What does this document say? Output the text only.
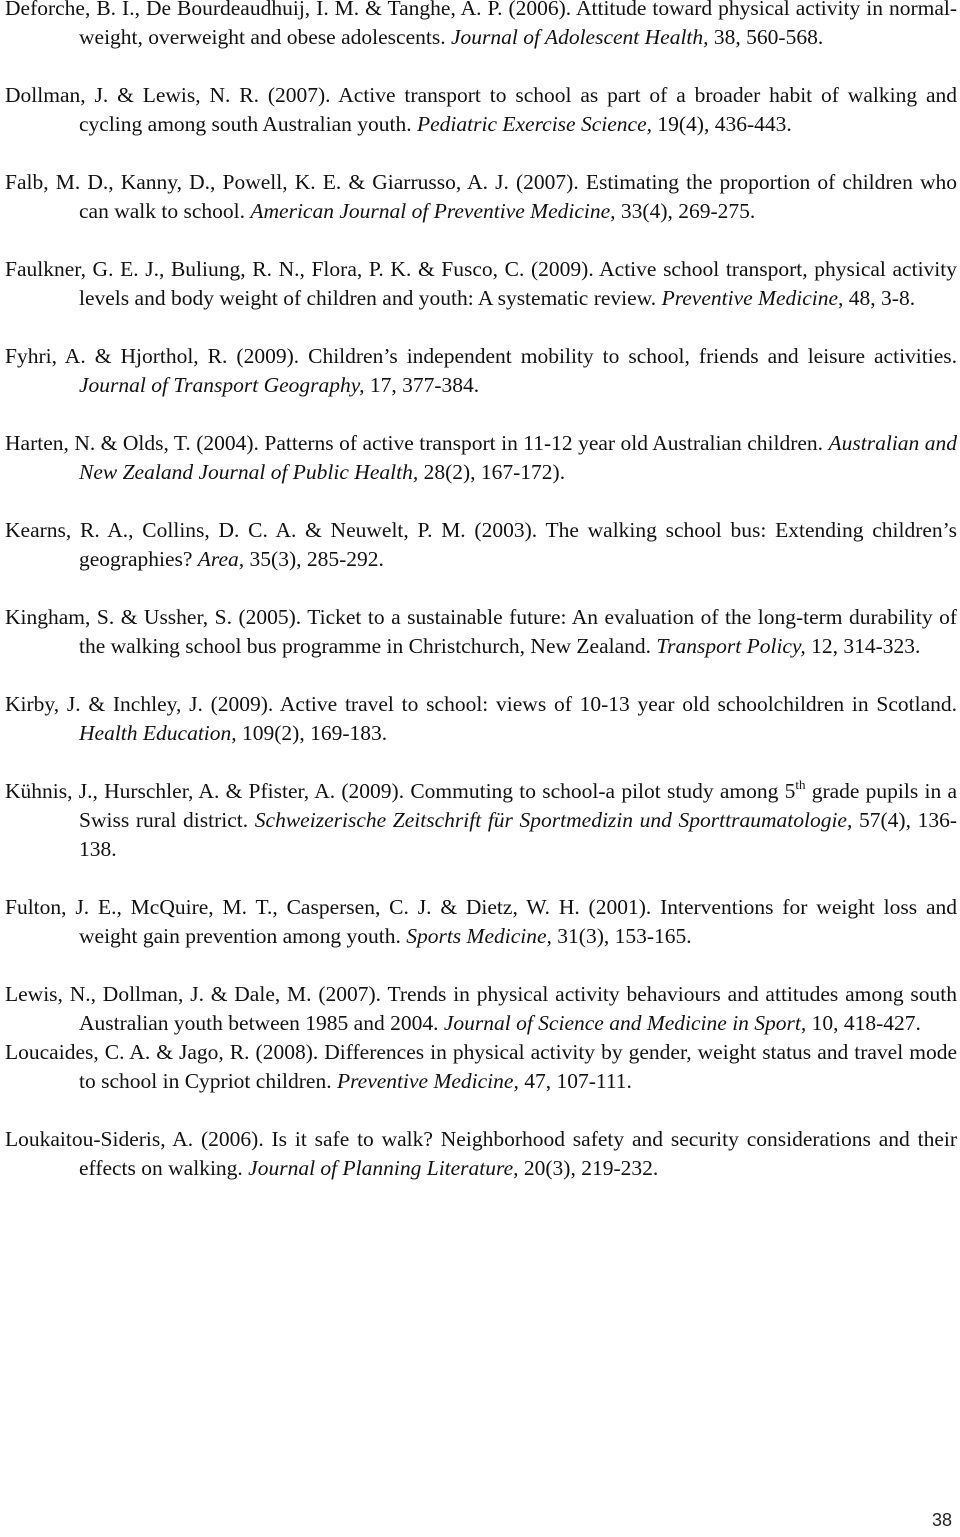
Deforche, B. I., De Bourdeaudhuij, I. M. & Tanghe, A. P. (2006). Attitude toward physical activity in normal-weight, overweight and obese adolescents. Journal of Adolescent Health, 38, 560-568.

Dollman, J. & Lewis, N. R. (2007). Active transport to school as part of a broader habit of walking and cycling among south Australian youth. Pediatric Exercise Science, 19(4), 436-443.

Falb, M. D., Kanny, D., Powell, K. E. & Giarrusso, A. J. (2007). Estimating the proportion of children who can walk to school. American Journal of Preventive Medicine, 33(4), 269-275.

Faulkner, G. E. J., Buliung, R. N., Flora, P. K. & Fusco, C. (2009). Active school transport, physical activity levels and body weight of children and youth: A systematic review. Preventive Medicine, 48, 3-8.

Fyhri, A. & Hjorthol, R. (2009). Children’s independent mobility to school, friends and leisure activities. Journal of Transport Geography, 17, 377-384.

Harten, N. & Olds, T. (2004). Patterns of active transport in 11-12 year old Australian children. Australian and New Zealand Journal of Public Health, 28(2), 167-172).

Kearns, R. A., Collins, D. C. A. & Neuwelt, P. M. (2003). The walking school bus: Extending children’s geographies? Area, 35(3), 285-292.

Kingham, S. & Ussher, S. (2005). Ticket to a sustainable future: An evaluation of the long-term durability of the walking school bus programme in Christchurch, New Zealand. Transport Policy, 12, 314-323.

Kirby, J. & Inchley, J. (2009). Active travel to school: views of 10-13 year old schoolchildren in Scotland. Health Education, 109(2), 169-183.

Kühnis, J., Hurschler, A. & Pfister, A. (2009). Commuting to school-a pilot study among 5th grade pupils in a Swiss rural district. Schweizerische Zeitschrift für Sportmedizin und Sporttraumatologie, 57(4), 136-138.

Fulton, J. E., McQuire, M. T., Caspersen, C. J. & Dietz, W. H. (2001). Interventions for weight loss and weight gain prevention among youth. Sports Medicine, 31(3), 153-165.

Lewis, N., Dollman, J. & Dale, M. (2007). Trends in physical activity behaviours and attitudes among south Australian youth between 1985 and 2004. Journal of Science and Medicine in Sport, 10, 418-427.

Loucaides, C. A. & Jago, R. (2008). Differences in physical activity by gender, weight status and travel mode to school in Cypriot children. Preventive Medicine, 47, 107-111.

Loukaitou-Sideris, A. (2006). Is it safe to walk? Neighborhood safety and security considerations and their effects on walking. Journal of Planning Literature, 20(3), 219-232.

38
